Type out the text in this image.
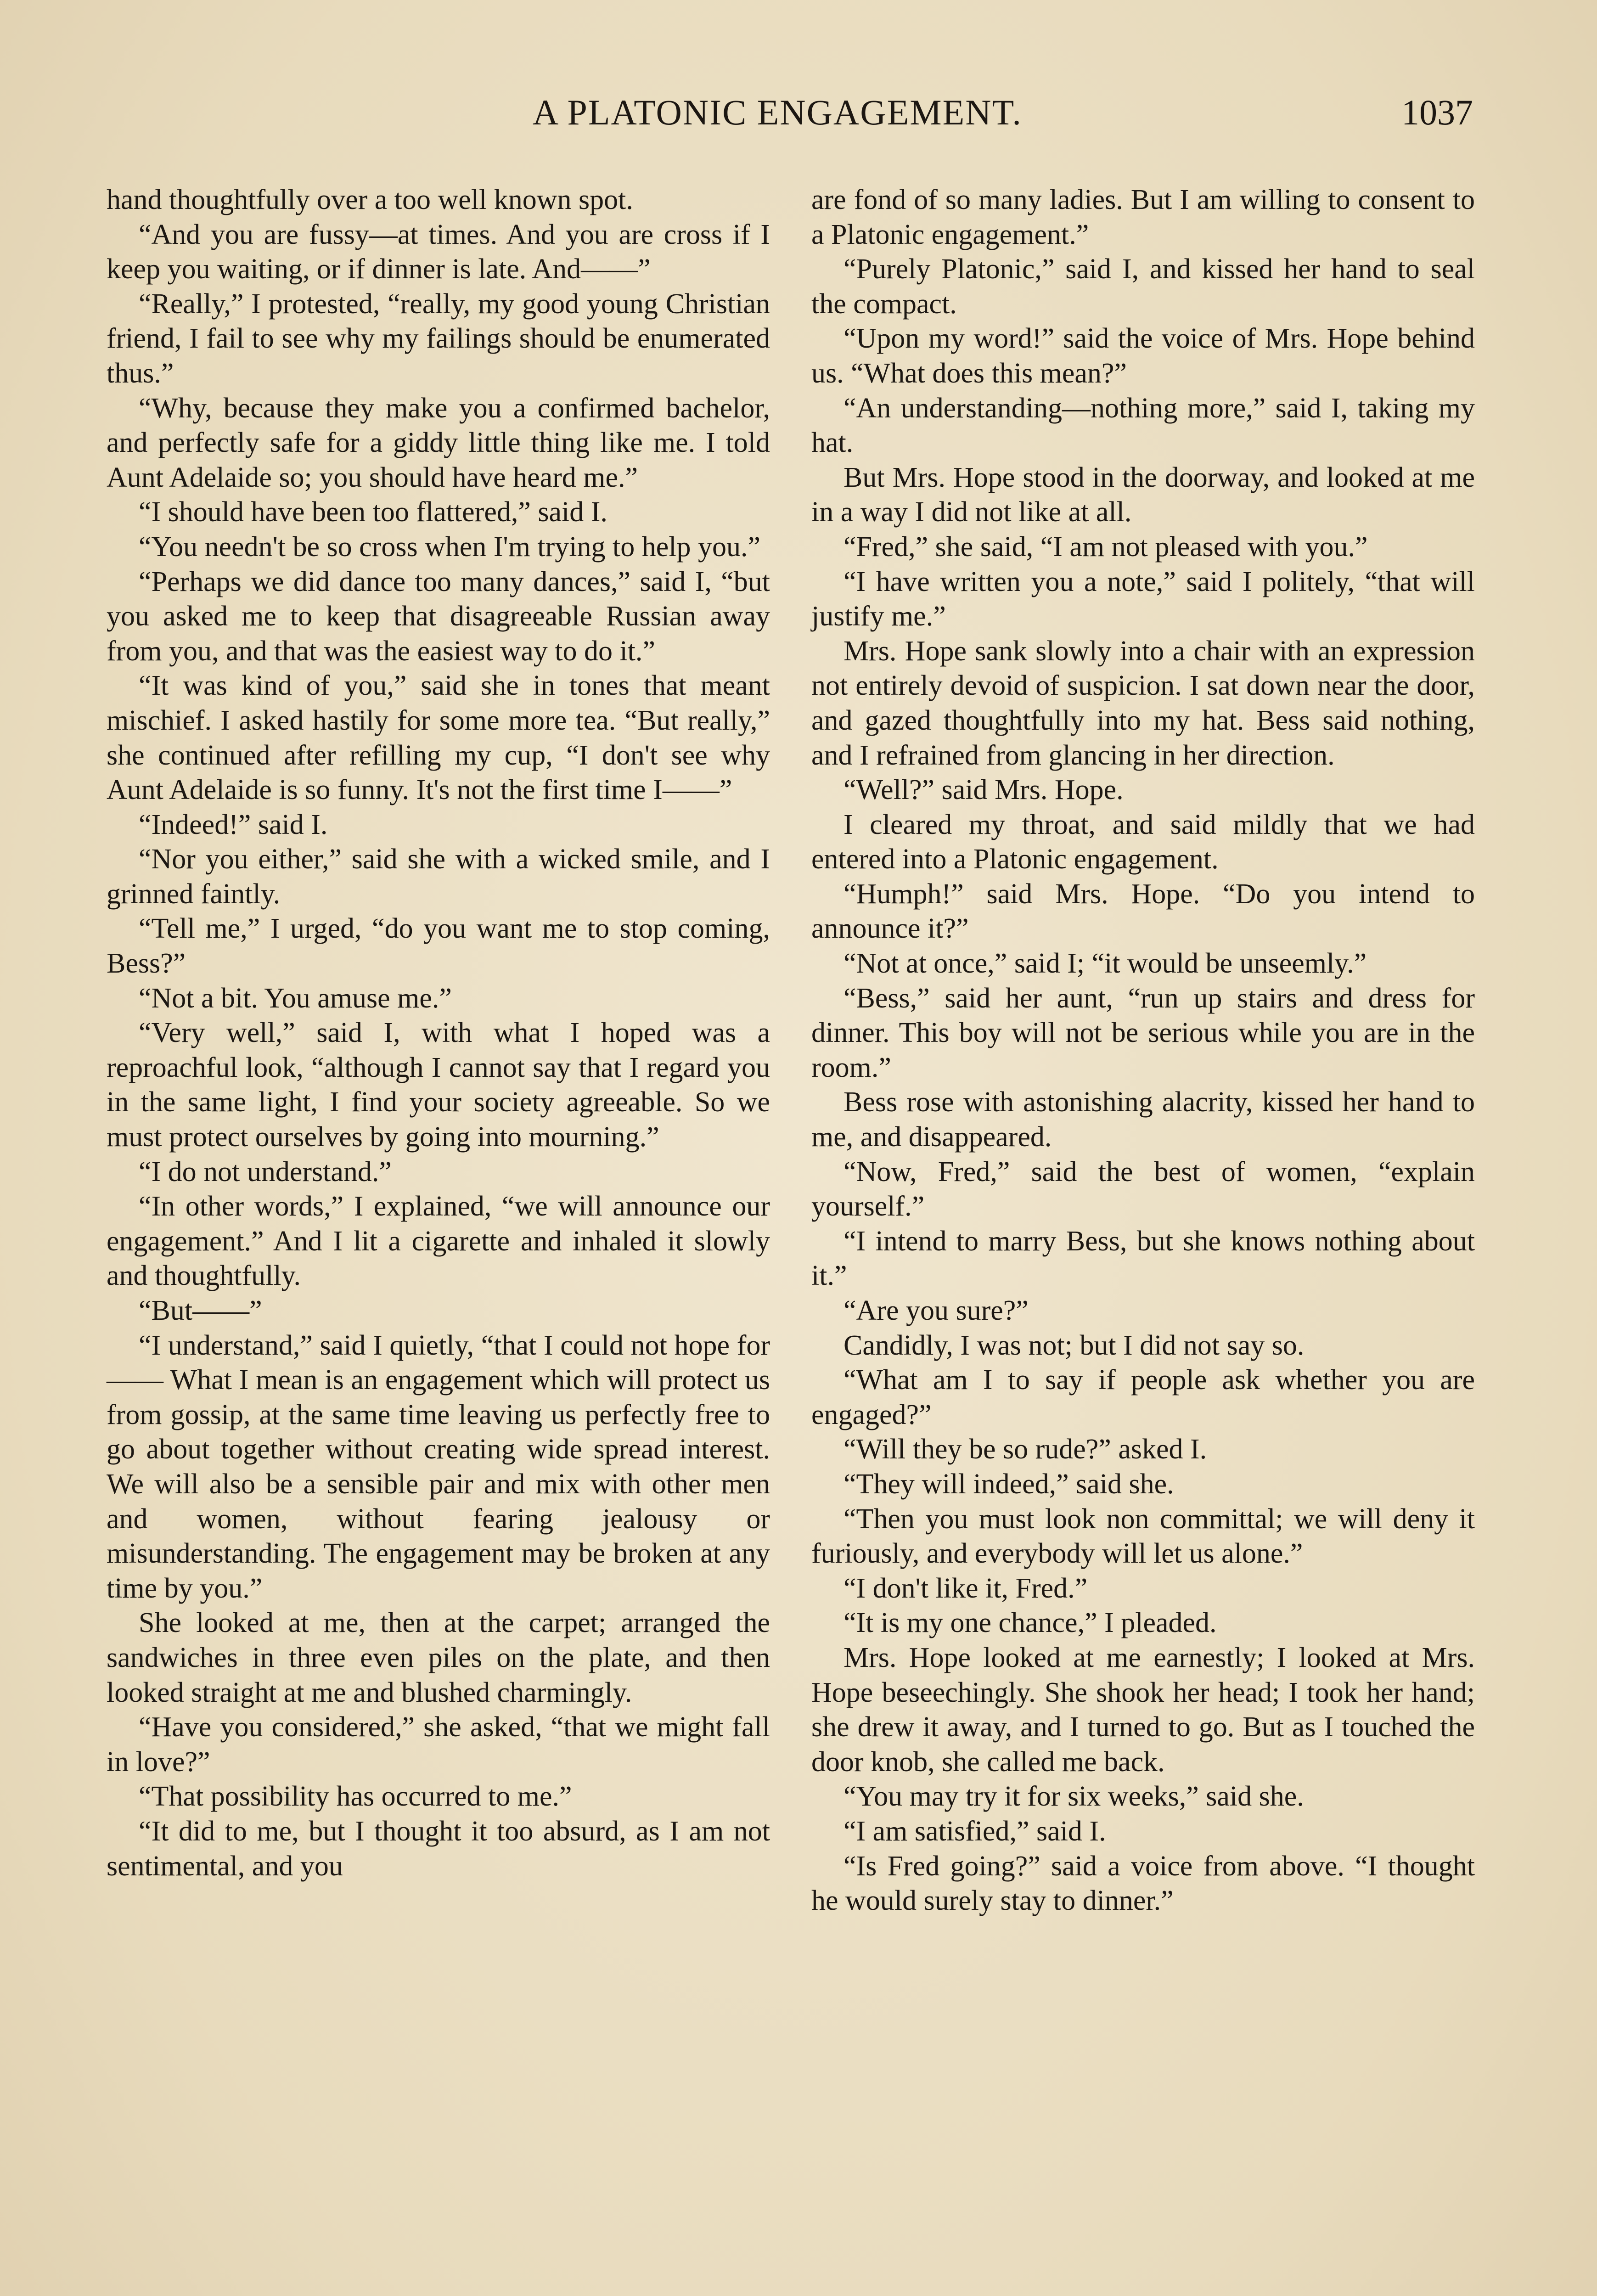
A PLATONIC ENGAGEMENT.	1037

hand thoughtfully over a too well known spot.

“And you are fussy—at times. And you are cross if I keep you waiting, or if dinner is late. And——”

“Really,” I protested, “really, my good young Christian friend, I fail to see why my failings should be enumerated thus.”

“Why, because they make you a confirmed bachelor, and perfectly safe for a giddy little thing like me. I told Aunt Adelaide so; you should have heard me.”

“I should have been too flattered,” said I.

“You needn't be so cross when I'm trying to help you.”

“Perhaps we did dance too many dances,” said I, “but you asked me to keep that disagreeable Russian away from you, and that was the easiest way to do it.”

“It was kind of you,” said she in tones that meant mischief. I asked hastily for some more tea. “But really,” she continued after refilling my cup, “I don't see why Aunt Adelaide is so funny. It's not the first time I——”

“Indeed!” said I.

“Nor you either,” said she with a wicked smile, and I grinned faintly.

“Tell me,” I urged, “do you want me to stop coming, Bess?”

“Not a bit. You amuse me.”

“Very well,” said I, with what I hoped was a reproachful look, “although I cannot say that I regard you in the same light, I find your society agreeable. So we must protect ourselves by going into mourning.”

“I do not understand.”

“In other words,” I explained, “we will announce our engagement.” And I lit a cigarette and inhaled it slowly and thoughtfully.

“But——”

“I understand,” said I quietly, “that I could not hope for—— What I mean is an engagement which will protect us from gossip, at the same time leaving us perfectly free to go about together without creating wide spread interest. We will also be a sensible pair and mix with other men and women, without fearing jealousy or misunderstanding. The engagement may be broken at any time by you.”

She looked at me, then at the carpet; arranged the sandwiches in three even piles on the plate, and then looked straight at me and blushed charmingly.

“Have you considered,” she asked, “that we might fall in love?”

“That possibility has occurred to me.”

“It did to me, but I thought it too absurd, as I am not sentimental, and you

are fond of so many ladies. But I am willing to consent to a Platonic engagement.”

“Purely Platonic,” said I, and kissed her hand to seal the compact.

“Upon my word!” said the voice of Mrs. Hope behind us. “What does this mean?”

“An understanding—nothing more,” said I, taking my hat.

But Mrs. Hope stood in the doorway, and looked at me in a way I did not like at all.

“Fred,” she said, “I am not pleased with you.”

“I have written you a note,” said I politely, “that will justify me.”

Mrs. Hope sank slowly into a chair with an expression not entirely devoid of suspicion. I sat down near the door, and gazed thoughtfully into my hat. Bess said nothing, and I refrained from glancing in her direction.

“Well?” said Mrs. Hope.

I cleared my throat, and said mildly that we had entered into a Platonic engagement.

“Humph!” said Mrs. Hope. “Do you intend to announce it?”

“Not at once,” said I; “it would be unseemly.”

“Bess,” said her aunt, “run up stairs and dress for dinner. This boy will not be serious while you are in the room.”

Bess rose with astonishing alacrity, kissed her hand to me, and disappeared.

“Now, Fred,” said the best of women, “explain yourself.”

“I intend to marry Bess, but she knows nothing about it.”

“Are you sure?”

Candidly, I was not; but I did not say so.

“What am I to say if people ask whether you are engaged?”

“Will they be so rude?” asked I.

“They will indeed,” said she.

“Then you must look non committal; we will deny it furiously, and everybody will let us alone.”

“I don't like it, Fred.”

“It is my one chance,” I pleaded.

Mrs. Hope looked at me earnestly; I looked at Mrs. Hope beseechingly. She shook her head; I took her hand; she drew it away, and I turned to go. But as I touched the door knob, she called me back.

“You may try it for six weeks,” said she.

“I am satisfied,” said I.

“Is Fred going?” said a voice from above. “I thought he would surely stay to dinner.”
